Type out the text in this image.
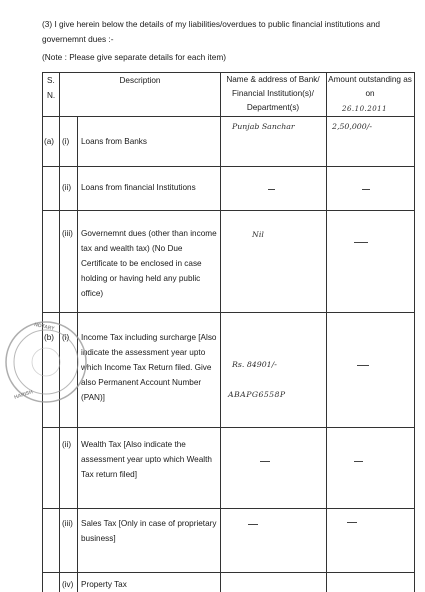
(3) I give herein below the details of my liabilities/overdues to public financial institutions and governemnt dues :-
(Note : Please give separate details for each item)
S.
N.
Description	Name & address of Bank/ Financial Institution(s)/ Department(s)
Amount outstanding as on
26.10.2011
(a) (i) Loans from Banks
Punjab Sanchar	2,50,000/-
(ii) Loans from financial Institutions
(iii) Governemnt dues (other than income tax and wealth tax) (No Due Certificate to be enclosed in case holding or having held any public office)
Nil
(b) (i) Income Tax including surcharge [Also indicate the assessment year upto which Income Tax Return filed. Give also Permanent Account Number (PAN)]
Rs. 84901/-
ABAPG6558P
(ii) Wealth Tax [Also indicate the assessment year upto which Wealth Tax return filed]
(iii) Sales Tax [Only in case of proprietary business]
(iv) Property Tax
NOTARY
HARISH
